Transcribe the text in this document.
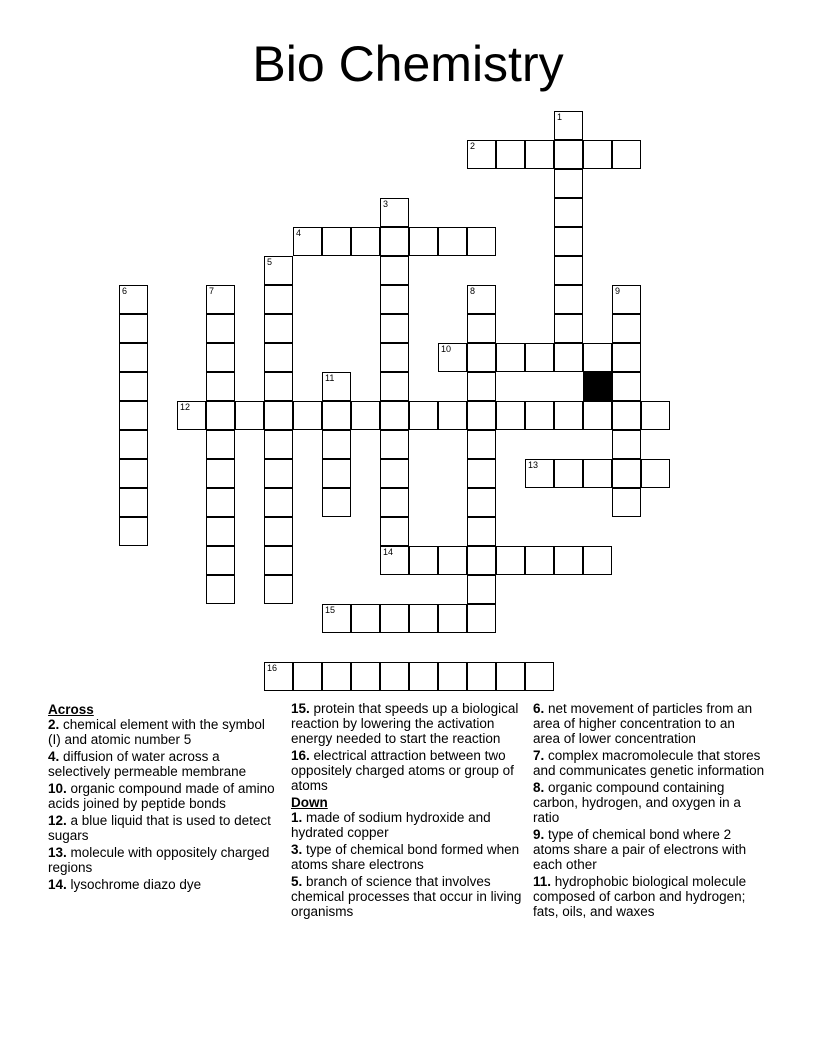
Bio Chemistry
1
2
3
4
5
6	7	8	9
10
11
12
13
14
15
16
Across
2. chemical element with the symbol (I) and atomic number 5
4. diffusion of water across a selectively permeable membrane
10. organic compound made of amino acids joined by peptide bonds
12. a blue liquid that is used to detect sugars
13. molecule with oppositely charged regions
14. lysochrome diazo dye
15. protein that speeds up a biological reaction by lowering the activation energy needed to start the reaction
16. electrical attraction between two oppositely charged atoms or group of atoms
Down
1. made of sodium hydroxide and hydrated copper
3. type of chemical bond formed when atoms share electrons
5. branch of science that involves chemical processes that occur in living organisms
6. net movement of particles from an area of higher concentration to an area of lower concentration
7. complex macromolecule that stores and communicates genetic information
8. organic compound containing carbon, hydrogen, and oxygen in a ratio
9. type of chemical bond where 2 atoms share a pair of electrons with each other
11. hydrophobic biological molecule composed of carbon and hydrogen; fats, oils, and waxes
